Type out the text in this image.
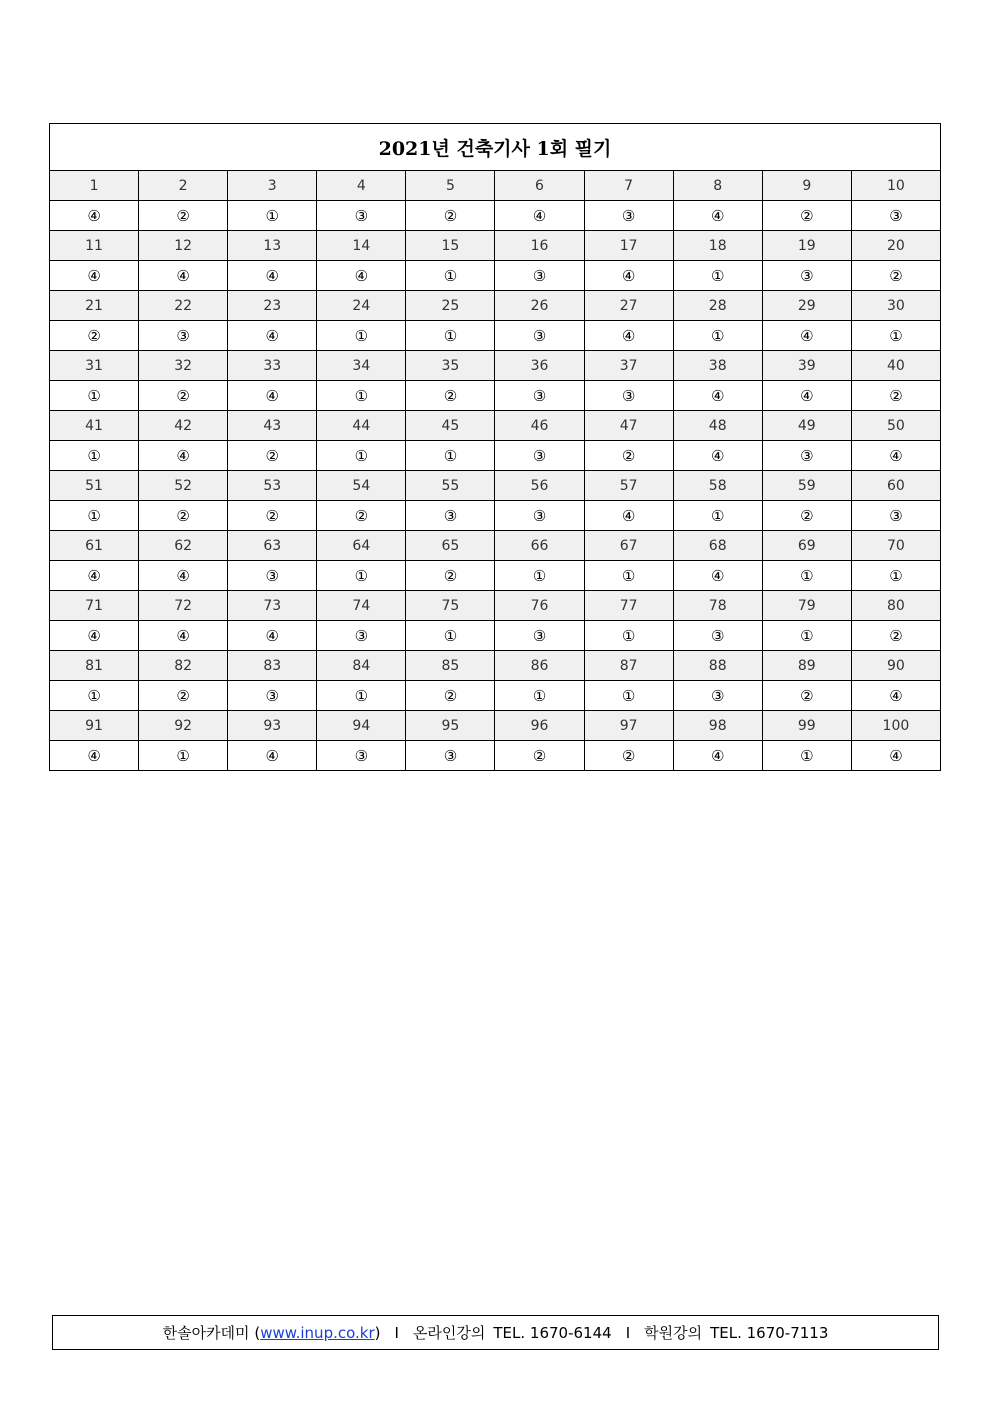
2021년 건축기사 1회 필기									
1	2	3	4	5	6	7	8	9	10
④	②	①	③	②	④	③	④	②	③
11	12	13	14	15	16	17	18	19	20
④	④	④	④	①	③	④	①	③	②
21	22	23	24	25	26	27	28	29	30
②	③	④	①	①	③	④	①	④	①
31	32	33	34	35	36	37	38	39	40
①	②	④	①	②	③	③	④	④	②
41	42	43	44	45	46	47	48	49	50
①	④	②	①	①	③	②	④	③	④
51	52	53	54	55	56	57	58	59	60
①	②	②	②	③	③	④	①	②	③
61	62	63	64	65	66	67	68	69	70
④	④	③	①	②	①	①	④	①	①
71	72	73	74	75	76	77	78	79	80
④	④	④	③	①	③	①	③	①	②
81	82	83	84	85	86	87	88	89	90
①	②	③	①	②	①	①	③	②	④
91	92	93	94	95	96	97	98	99	100
④	①	④	③	③	②	②	④	①	④
한솔아카데미
( www.inup.co.kr ) I 온라인강의 TEL. 1670-6144 I 학원강의 TEL. 1670-7113
